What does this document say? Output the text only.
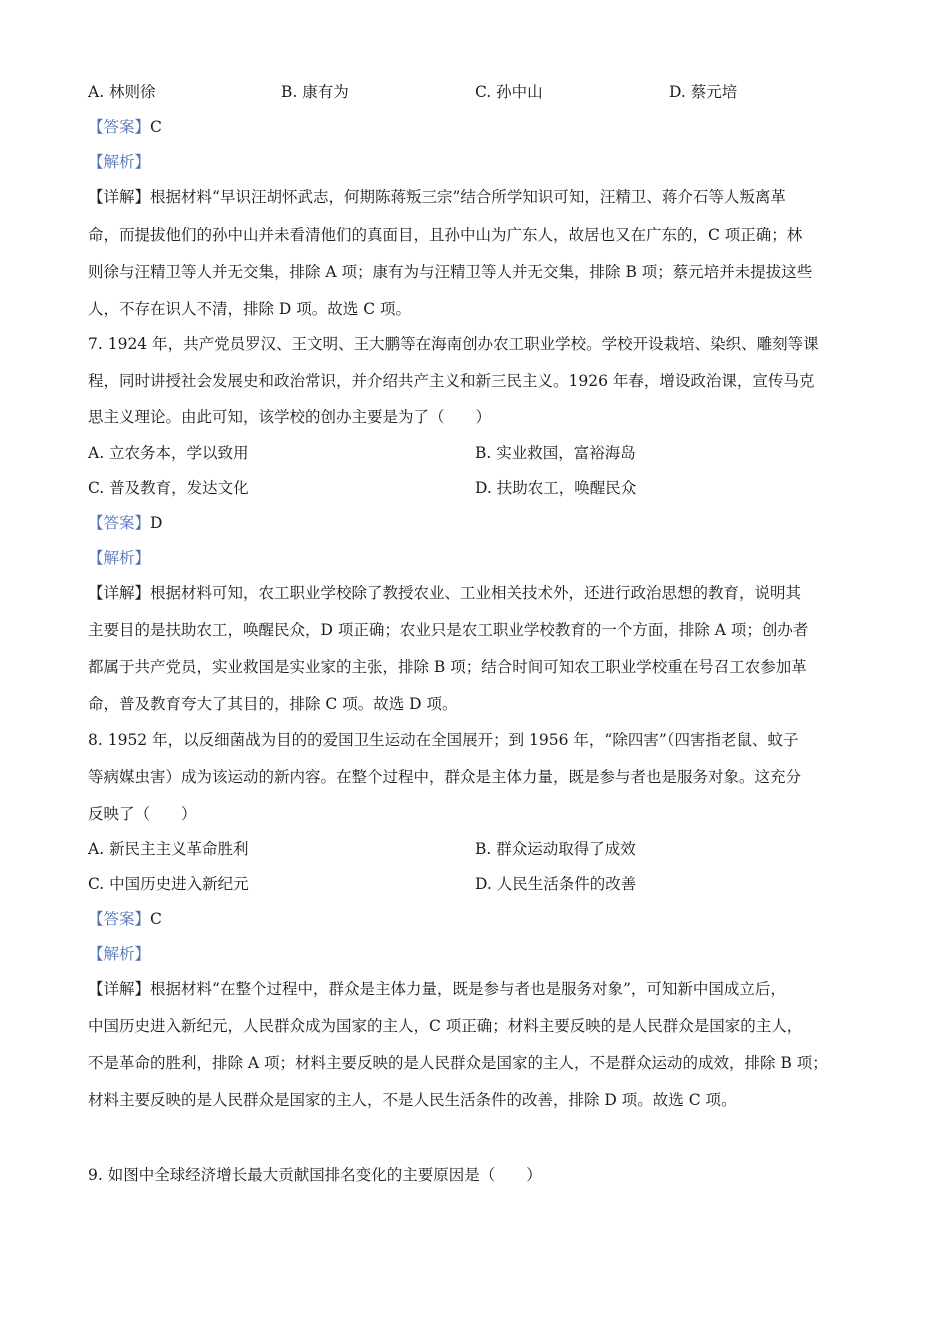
A. 林则徐	B. 康有为	C. 孙中山	D. 蔡元培
【答案】C
【解析】
【详解】根据材料“早识汪胡怀武志，何期陈蒋叛三宗”结合所学知识可知，汪精卫、蒋介石等人叛离革
命，而提拔他们的孙中山并未看清他们的真面目，且孙中山为广东人，故居也又在广东的，C 项正确；林
则徐与汪精卫等人并无交集，排除 A 项；康有为与汪精卫等人并无交集，排除 B 项；蔡元培并未提拔这些
人，不存在识人不清，排除 D 项。故选 C 项。
7. 1924 年，共产党员罗汉、王文明、王大鹏等在海南创办农工职业学校。学校开设栽培、染织、雕刻等课
程，同时讲授社会发展史和政治常识，并介绍共产主义和新三民主义。1926 年春，增设政治课，宣传马克
思主义理论。由此可知，该学校的创办主要是为了（　　）
A. 立农务本，学以致用	B. 实业救国，富裕海岛
C. 普及教育，发达文化	D. 扶助农工，唤醒民众
【答案】D
【解析】
【详解】根据材料可知，农工职业学校除了教授农业、工业相关技术外，还进行政治思想的教育，说明其
主要目的是扶助农工，唤醒民众，D 项正确；农业只是农工职业学校教育的一个方面，排除 A 项；创办者
都属于共产党员，实业救国是实业家的主张，排除 B 项；结合时间可知农工职业学校重在号召工农参加革
命，普及教育夸大了其目的，排除 C 项。故选 D 项。
8. 1952 年，以反细菌战为目的的爱国卫生运动在全国展开；到 1956 年，“除四害”（四害指老鼠、蚊子
等病媒虫害）成为该运动的新内容。在整个过程中，群众是主体力量，既是参与者也是服务对象。这充分
反映了（　　）
A. 新民主主义革命胜利	B. 群众运动取得了成效
C. 中国历史进入新纪元	D. 人民生活条件的改善
【答案】C
【解析】
【详解】根据材料“在整个过程中，群众是主体力量，既是参与者也是服务对象”，可知新中国成立后，
中国历史进入新纪元，人民群众成为国家的主人，C 项正确；材料主要反映的是人民群众是国家的主人，
不是革命的胜利，排除 A 项；材料主要反映的是人民群众是国家的主人，不是群众运动的成效，排除 B 项；
材料主要反映的是人民群众是国家的主人，不是人民生活条件的改善，排除 D 项。故选 C 项。
9. 如图中全球经济增长最大贡献国排名变化的主要原因是（　　）
